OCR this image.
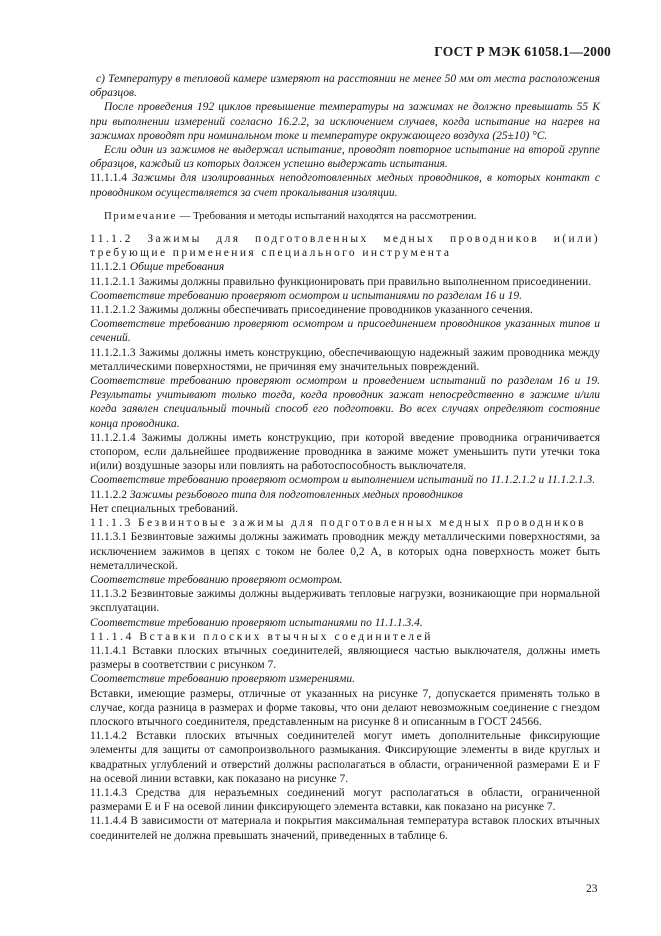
ГОСТ Р МЭК 61058.1—2000

c) Температуру в тепловой камере измеряют на расстоянии не менее 50 мм от места расположения образцов.

После проведения 192 циклов превышение температуры на зажимах не должно превышать 55 К при выполнении измерений согласно 16.2.2, за исключением случаев, когда испытание на нагрев на зажимах проводят при номинальном токе и температуре окружающего воздуха (25±10) °С.

Если один из зажимов не выдержал испытание, проводят повторное испытание на второй группе образцов, каждый из которых должен успешно выдержать испытания.

11.1.1.4 Зажимы для изолированных неподготовленных медных проводников, в которых контакт с проводником осуществляется за счет прокалывания изоляции.

Примечание — Требования и методы испытаний находятся на рассмотрении.

11.1.2 Зажимы для подготовленных медных проводников и(или) требующие применения специального инструмента

11.1.2.1 Общие требования

11.1.2.1.1 Зажимы должны правильно функционировать при правильно выполненном присоединении.

Соответствие требованию проверяют осмотром и испытаниями по разделам 16 и 19.

11.1.2.1.2 Зажимы должны обеспечивать присоединение проводников указанного сечения.

Соответствие требованию проверяют осмотром и присоединением проводников указанных типов и сечений.

11.1.2.1.3 Зажимы должны иметь конструкцию, обеспечивающую надежный зажим проводника между металлическими поверхностями, не причиняя ему значительных повреждений.

Соответствие требованию проверяют осмотром и проведением испытаний по разделам 16 и 19. Результаты учитывают только тогда, когда проводник зажат непосредственно в зажиме и/или когда заявлен специальный точный способ его подготовки. Во всех случаях определяют состояние конца проводника.

11.1.2.1.4 Зажимы должны иметь конструкцию, при которой введение проводника ограничивается стопором, если дальнейшее продвижение проводника в зажиме может уменьшить пути утечки тока и(или) воздушные зазоры или повлиять на работоспособность выключателя.

Соответствие требованию проверяют осмотром и выполнением испытаний по 11.1.2.1.2 и 11.1.2.1.3.

11.1.2.2 Зажимы резьбового типа для подготовленных медных проводников

Нет специальных требований.

11.1.3 Безвинтовые зажимы для подготовленных медных проводников

11.1.3.1 Безвинтовые зажимы должны зажимать проводник между металлическими поверхностями, за исключением зажимов в цепях с током не более 0,2 А, в которых одна поверхность может быть неметаллической.

Соответствие требованию проверяют осмотром.

11.1.3.2 Безвинтовые зажимы должны выдерживать тепловые нагрузки, возникающие при нормальной эксплуатации.

Соответствие требованию проверяют испытаниями по 11.1.1.3.4.

11.1.4 Вставки плоских втычных соединителей

11.1.4.1 Вставки плоских втычных соединителей, являющиеся частью выключателя, должны иметь размеры в соответствии с рисунком 7.

Соответствие требованию проверяют измерениями.

Вставки, имеющие размеры, отличные от указанных на рисунке 7, допускается применять только в случае, когда разница в размерах и форме таковы, что они делают невозможным соединение с гнездом плоского втычного соединителя, представленным на рисунке 8 и описанным в ГОСТ 24566.

11.1.4.2 Вставки плоских втычных соединителей могут иметь дополнительные фиксирующие элементы для защиты от самопроизвольного размыкания. Фиксирующие элементы в виде круглых и квадратных углублений и отверстий должны располагаться в области, ограниченной размерами E и F на осевой линии вставки, как показано на рисунке 7.

11.1.4.3 Средства для неразъемных соединений могут располагаться в области, ограниченной размерами E и F на осевой линии фиксирующего элемента вставки, как показано на рисунке 7.

11.1.4.4 В зависимости от материала и покрытия максимальная температура вставок плоских втычных соединителей не должна превышать значений, приведенных в таблице 6.

23
